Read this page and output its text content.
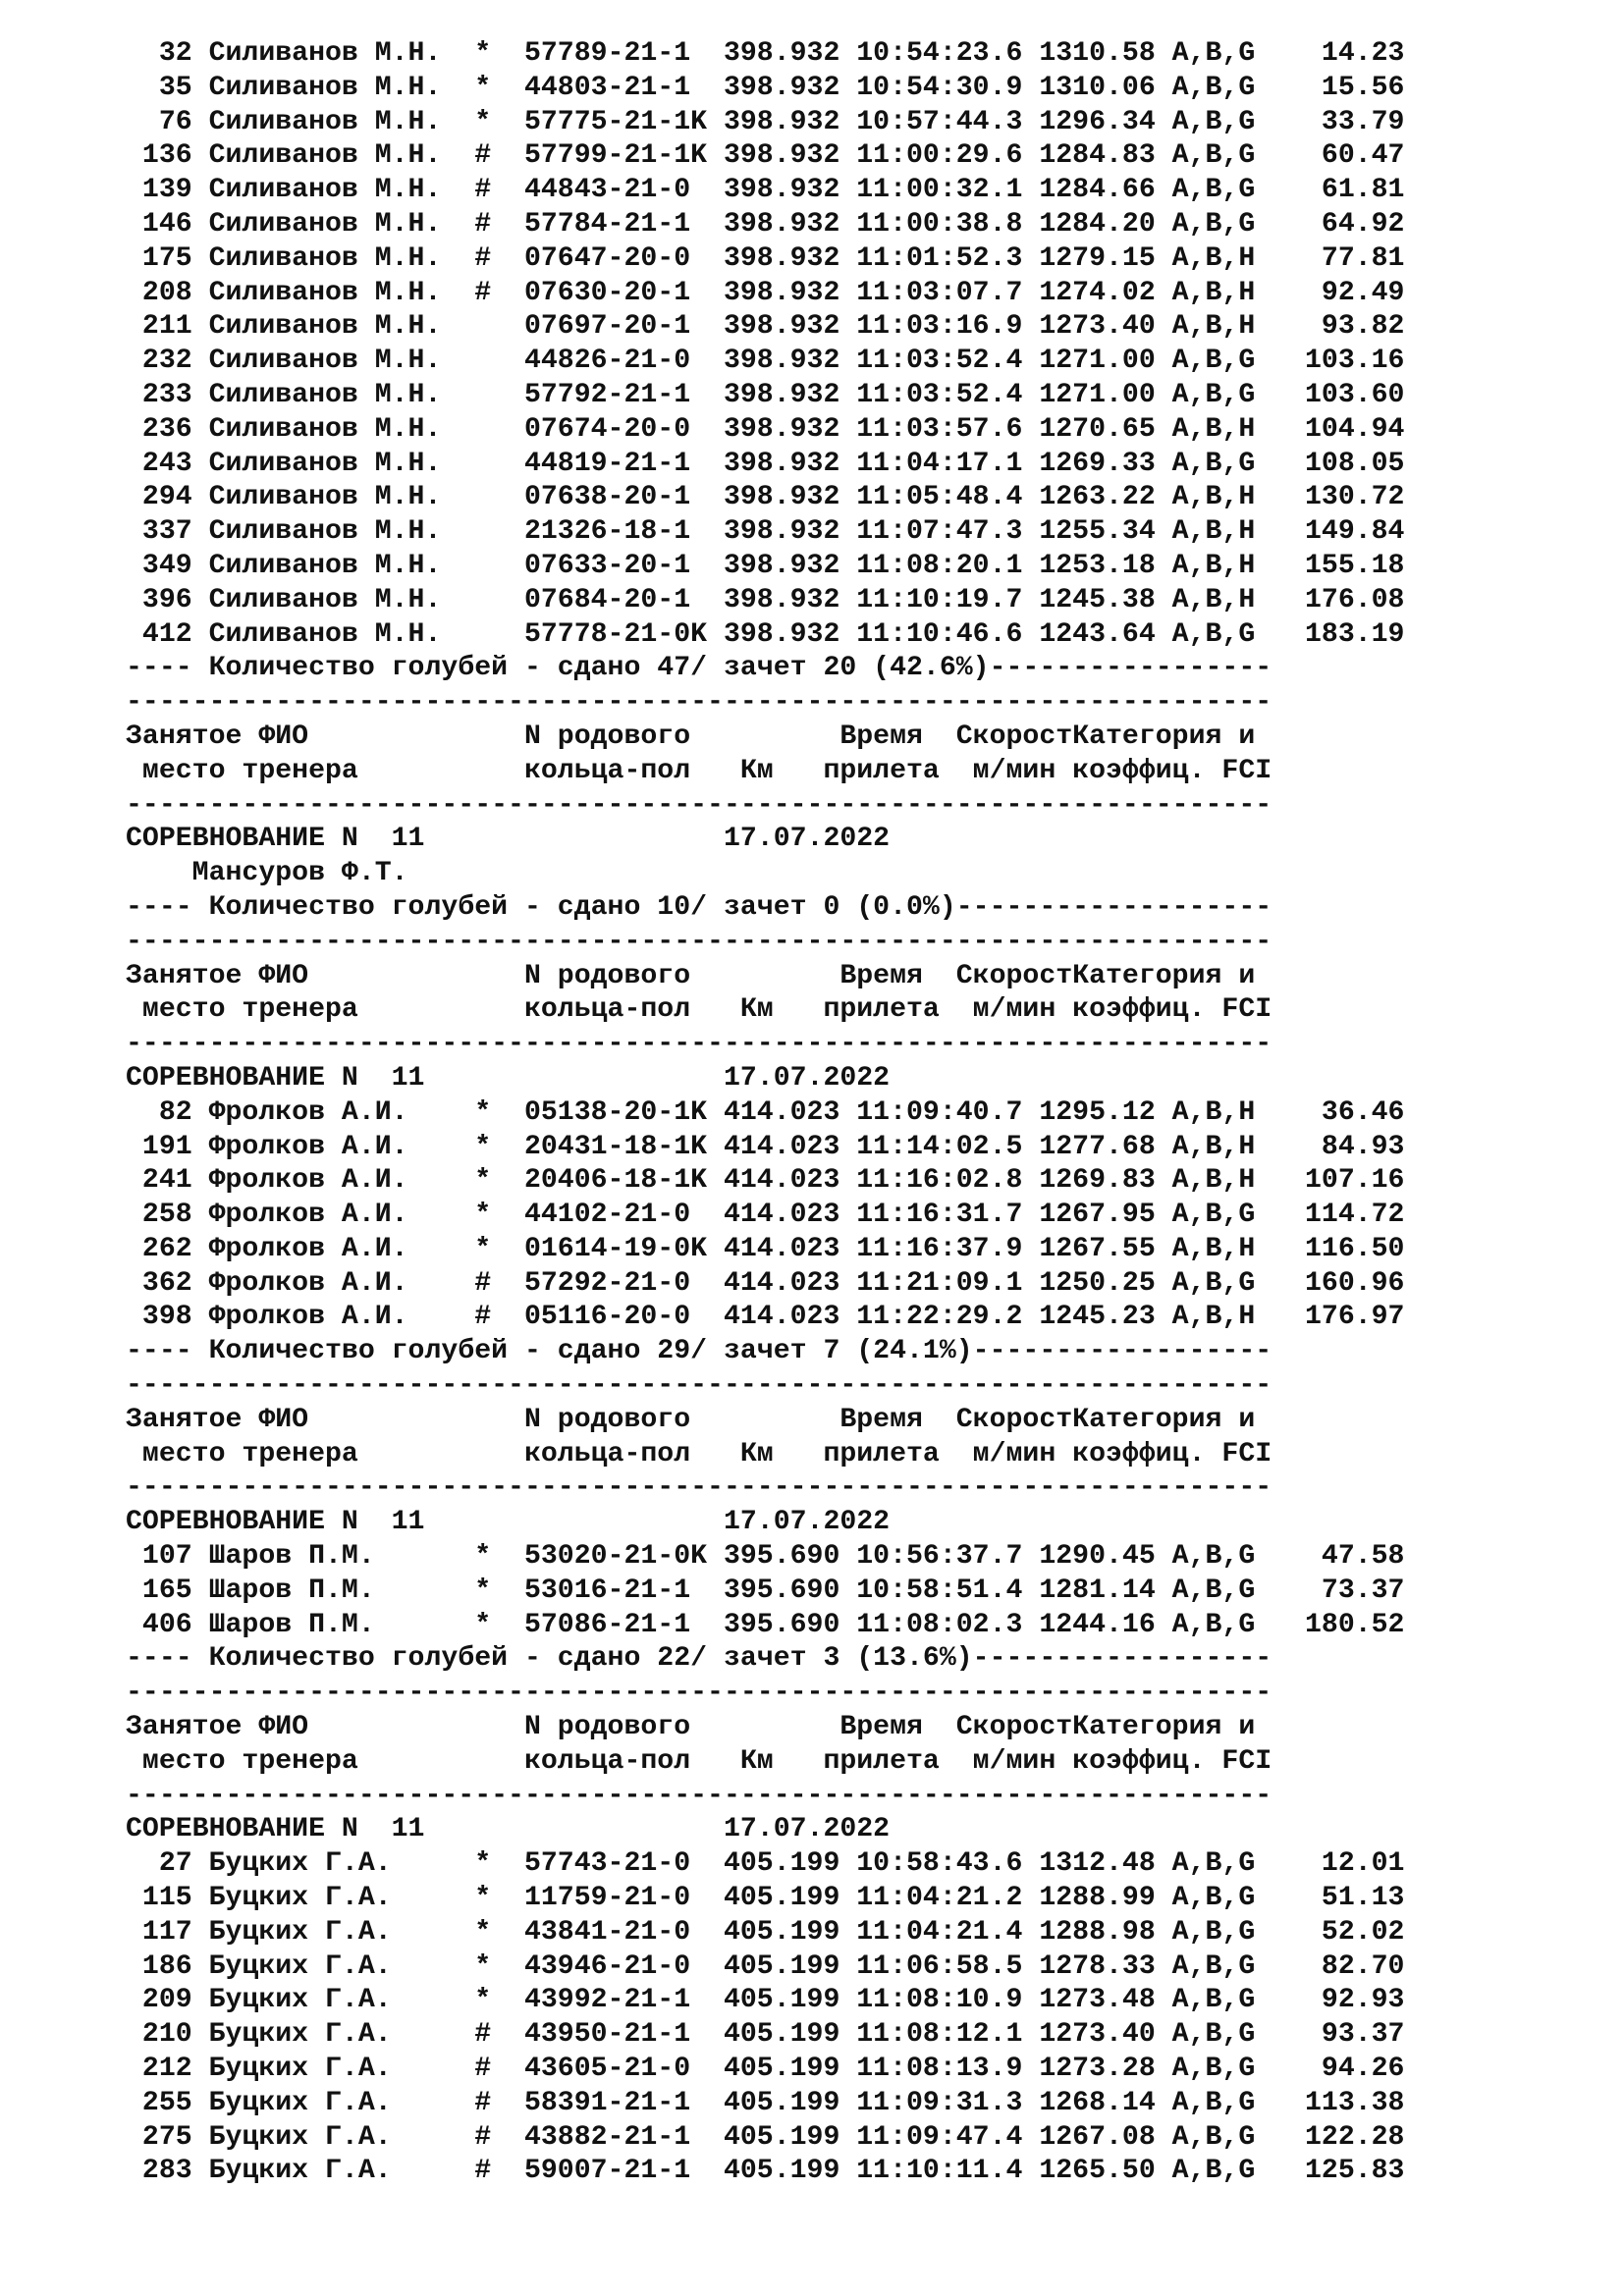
32 Силиванов М.Н.  *  57789-21-1  398.932 10:54:23.6 1310.58 A,B,G    14.23
35 Силиванов М.Н.  *  44803-21-1  398.932 10:54:30.9 1310.06 A,B,G    15.56
76 Силиванов М.Н.  *  57775-21-1K 398.932 10:57:44.3 1296.34 A,B,G    33.79
136 Силиванов М.Н.  #  57799-21-1K 398.932 11:00:29.6 1284.83 A,B,G    60.47
139 Силиванов М.Н.  #  44843-21-0  398.932 11:00:32.1 1284.66 A,B,G    61.81
146 Силиванов М.Н.  #  57784-21-1  398.932 11:00:38.8 1284.20 A,B,G    64.92
175 Силиванов М.Н.  #  07647-20-0  398.932 11:01:52.3 1279.15 A,B,H    77.81
208 Силиванов М.Н.  #  07630-20-1  398.932 11:03:07.7 1274.02 A,B,H    92.49
211 Силиванов М.Н.     07697-20-1  398.932 11:03:16.9 1273.40 A,B,H    93.82
232 Силиванов М.Н.     44826-21-0  398.932 11:03:52.4 1271.00 A,B,G   103.16
233 Силиванов М.Н.     57792-21-1  398.932 11:03:52.4 1271.00 A,B,G   103.60
236 Силиванов М.Н.     07674-20-0  398.932 11:03:57.6 1270.65 A,B,H   104.94
243 Силиванов М.Н.     44819-21-1  398.932 11:04:17.1 1269.33 A,B,G   108.05
294 Силиванов М.Н.     07638-20-1  398.932 11:05:48.4 1263.22 A,B,H   130.72
337 Силиванов М.Н.     21326-18-1  398.932 11:07:47.3 1255.34 A,B,H   149.84
349 Силиванов М.Н.     07633-20-1  398.932 11:08:20.1 1253.18 A,B,H   155.18
396 Силиванов М.Н.     07684-20-1  398.932 11:10:19.7 1245.38 A,B,H   176.08
412 Силиванов М.Н.     57778-21-0K 398.932 11:10:46.6 1243.64 A,B,G   183.19
---- Количество голубей - сдано 47/ зачет 20 (42.6%)-----------------
---------------------------------------------------------------------
Занятое ФИО             N родового         Время  СкоростКатегория и
место тренера          кольца-пол   Км   прилета  м/мин коэффиц. FCI
---------------------------------------------------------------------
СОРЕВНОВАНИЕ N  11                  17.07.2022
Мансуров Ф.Т.
---- Количество голубей - сдано 10/ зачет 0 (0.0%)-------------------
---------------------------------------------------------------------
Занятое ФИО             N родового         Время  СкоростКатегория и
место тренера          кольца-пол   Км   прилета  м/мин коэффиц. FCI
---------------------------------------------------------------------
СОРЕВНОВАНИЕ N  11                  17.07.2022
82 Фролков А.И.    *  05138-20-1K 414.023 11:09:40.7 1295.12 A,B,H    36.46
191 Фролков А.И.    *  20431-18-1K 414.023 11:14:02.5 1277.68 A,B,H    84.93
241 Фролков А.И.    *  20406-18-1K 414.023 11:16:02.8 1269.83 A,B,H   107.16
258 Фролков А.И.    *  44102-21-0  414.023 11:16:31.7 1267.95 A,B,G   114.72
262 Фролков А.И.    *  01614-19-0K 414.023 11:16:37.9 1267.55 A,B,H   116.50
362 Фролков А.И.    #  57292-21-0  414.023 11:21:09.1 1250.25 A,B,G   160.96
398 Фролков А.И.    #  05116-20-0  414.023 11:22:29.2 1245.23 A,B,H   176.97
---- Количество голубей - сдано 29/ зачет 7 (24.1%)------------------
---------------------------------------------------------------------
Занятое ФИО             N родового         Время  СкоростКатегория и
место тренера          кольца-пол   Км   прилета  м/мин коэффиц. FCI
---------------------------------------------------------------------
СОРЕВНОВАНИЕ N  11                  17.07.2022
107 Шаров П.М.      *  53020-21-0K 395.690 10:56:37.7 1290.45 A,B,G    47.58
165 Шаров П.М.      *  53016-21-1  395.690 10:58:51.4 1281.14 A,B,G    73.37
406 Шаров П.М.      *  57086-21-1  395.690 11:08:02.3 1244.16 A,B,G   180.52
---- Количество голубей - сдано 22/ зачет 3 (13.6%)------------------
---------------------------------------------------------------------
Занятое ФИО             N родового         Время  СкоростКатегория и
место тренера          кольца-пол   Км   прилета  м/мин коэффиц. FCI
---------------------------------------------------------------------
СОРЕВНОВАНИЕ N  11                  17.07.2022
27 Буцких Г.А.     *  57743-21-0  405.199 10:58:43.6 1312.48 A,B,G    12.01
115 Буцких Г.А.     *  11759-21-0  405.199 11:04:21.2 1288.99 A,B,G    51.13
117 Буцких Г.А.     *  43841-21-0  405.199 11:04:21.4 1288.98 A,B,G    52.02
186 Буцких Г.А.     *  43946-21-0  405.199 11:06:58.5 1278.33 A,B,G    82.70
209 Буцких Г.А.     *  43992-21-1  405.199 11:08:10.9 1273.48 A,B,G    92.93
210 Буцких Г.А.     #  43950-21-1  405.199 11:08:12.1 1273.40 A,B,G    93.37
212 Буцких Г.А.     #  43605-21-0  405.199 11:08:13.9 1273.28 A,B,G    94.26
255 Буцких Г.А.     #  58391-21-1  405.199 11:09:31.3 1268.14 A,B,G   113.38
275 Буцких Г.А.     #  43882-21-1  405.199 11:09:47.4 1267.08 A,B,G   122.28
283 Буцких Г.А.     #  59007-21-1  405.199 11:10:11.4 1265.50 A,B,G   125.83
